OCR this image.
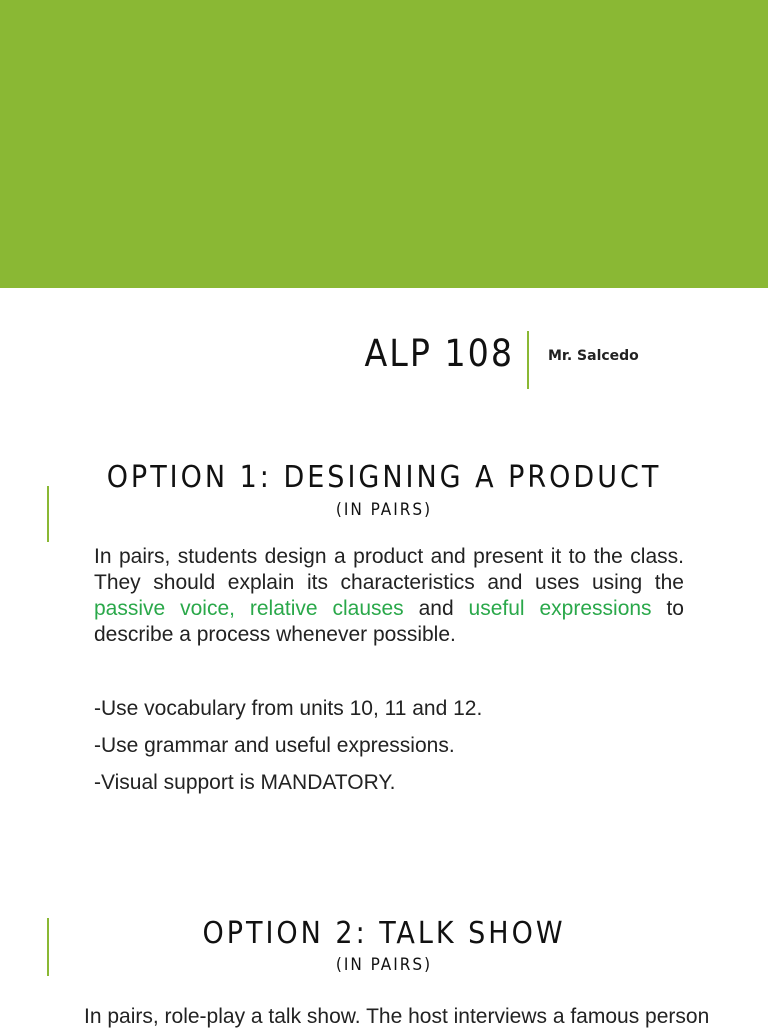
ALP 108 Mr. Salcedo
OPTION 1: DESIGNING A PRODUCT
(IN PAIRS)
In pairs, students design a product and present it to the class. They should explain its characteristics and uses using the passive voice, relative clauses and useful expressions to describe a process whenever possible.
-Use vocabulary from units 10, 11 and 12.
-Use grammar and useful expressions.
-Visual support is MANDATORY.
OPTION 2: TALK SHOW
(IN PAIRS)
In pairs, role-play a talk show. The host interviews a famous person
